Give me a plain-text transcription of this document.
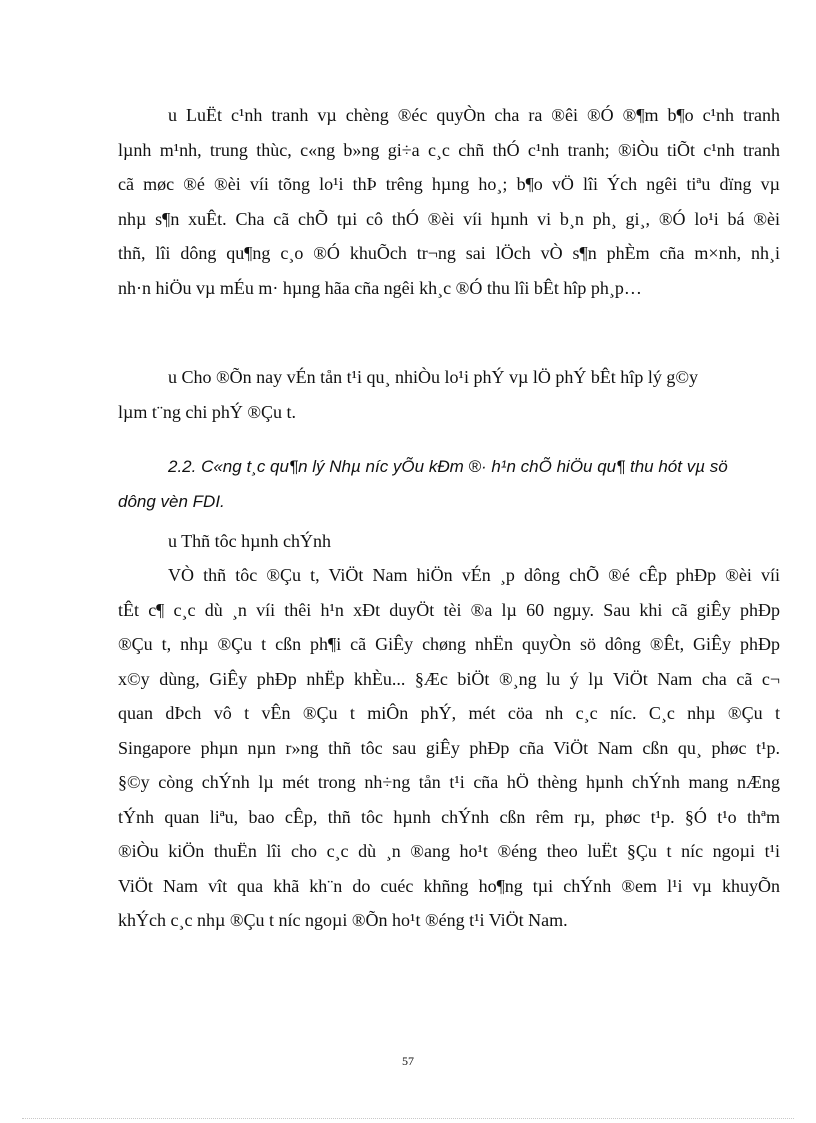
u LuËt c¹nh tranh vµ chèng ®éc quyÒn cha ra ®êi ®Ó ®¶m b¶o c¹nh tranh
lµnh m¹nh, trung thùc, c«ng b»ng gi÷a c¸c chñ thÓ c¹nh tranh; ®iÒu tiÕt c¹nh tranh
cã møc ®é ®èi víi tõng lo¹i thÞ trêng hµng ho¸; b¶o vÖ lîi Ých ngêi tiªu dïng vµ
nhµ s¶n xuÊt. Cha cã chÕ tµi cô thÓ ®èi víi hµnh vi b¸n ph¸ gi¸, ®Ó lo¹i bá ®èi
thñ, lîi dông qu¶ng c¸o ®Ó khuÕch tr¬ng sai lÖch vÒ s¶n phÈm cña m×nh, nh¸i
nh·n hiÖu vµ mÉu m· hµng hãa cña ngêi kh¸c ®Ó thu lîi bÊt hîp ph¸p…
u Cho ®Õn nay vÉn tån t¹i qu¸ nhiÒu lo¹i phÝ vµ lÖ phÝ bÊt hîp lý g©y
lµm t¨ng chi phÝ ®Çu t.
2.2. C«ng t¸c qu¶n lý Nhµ níc yÕu kÐm ®· h¹n chÕ hiÖu qu¶ thu hót vµ sö
dông vèn FDI.
u Thñ tôc hµnh chÝnh
VÒ thñ tôc ®Çu t, ViÖt Nam hiÖn vÉn ¸p dông chÕ ®é cÊp phÐp ®èi víi
tÊt c¶ c¸c dù ¸n víi thêi h¹n xÐt duyÖt tèi ®a lµ 60 ngµy. Sau khi cã giÊy phÐp
®Çu t, nhµ ®Çu t cßn ph¶i cã GiÊy chøng nhËn quyÒn sö dông ®Êt, GiÊy phÐp
x©y dùng, GiÊy phÐp nhËp khÈu... §Æc biÖt ®¸ng lu ý lµ ViÖt Nam cha cã c¬
quan dÞch vô t vÊn ®Çu t miÔn phÝ, mét cöa nh c¸c níc. C¸c nhµ ®Çu t
Singapore phµn nµn r»ng thñ tôc sau giÊy phÐp cña ViÖt Nam cßn qu¸ phøc t¹p.
§©y còng chÝnh lµ mét trong nh÷ng tån t¹i cña hÖ thèng hµnh chÝnh mang nÆng
tÝnh quan liªu, bao cÊp, thñ tôc hµnh chÝnh cßn rêm rµ, phøc t¹p. §Ó t¹o thªm
®iÒu kiÖn thuËn lîi cho c¸c dù ¸n ®ang ho¹t ®éng theo luËt §Çu t níc ngoµi t¹i
ViÖt Nam vît qua khã kh¨n do cuéc khñng ho¶ng tµi chÝnh ®em l¹i vµ khuyÕn
khÝch c¸c nhµ ®Çu t níc ngoµi ®Õn ho¹t ®éng t¹i ViÖt Nam.
57
